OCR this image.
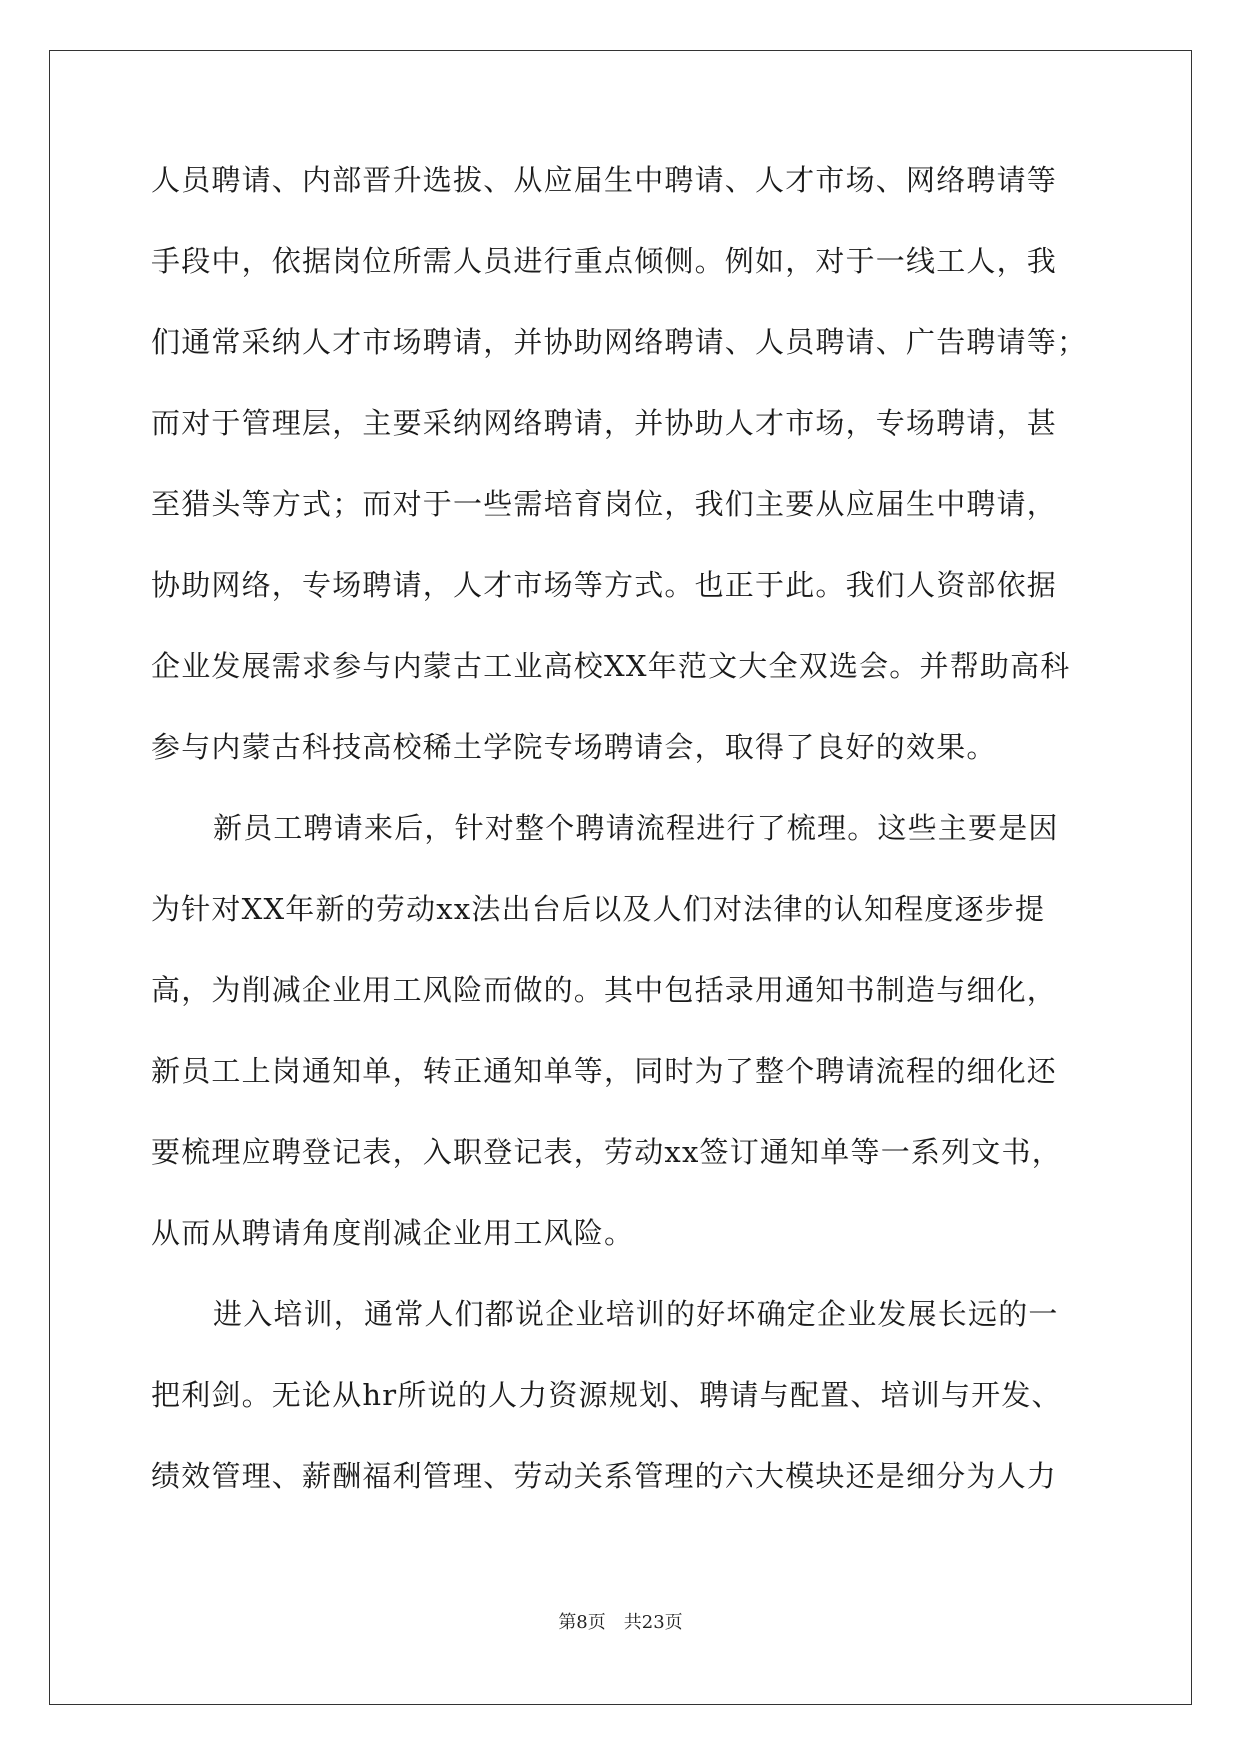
人员聘请、内部晋升选拔、从应届生中聘请、人才市场、网络聘请等
手段中，依据岗位所需人员进行重点倾侧。例如，对于一线工人，我
们通常采纳人才市场聘请，并协助网络聘请、人员聘请、广告聘请等；
而对于管理层，主要采纳网络聘请，并协助人才市场，专场聘请，甚
至猎头等方式；而对于一些需培育岗位，我们主要从应届生中聘请，
协助网络，专场聘请，人才市场等方式。也正于此。我们人资部依据
企业发展需求参与内蒙古工业高校XX年范文大全双选会。并帮助高科
参与内蒙古科技高校稀土学院专场聘请会，取得了良好的效果。
新员工聘请来后，针对整个聘请流程进行了梳理。这些主要是因
为针对XX年新的劳动xx法出台后以及人们对法律的认知程度逐步提
高，为削减企业用工风险而做的。其中包括录用通知书制造与细化，
新员工上岗通知单，转正通知单等，同时为了整个聘请流程的细化还
要梳理应聘登记表，入职登记表，劳动xx签订通知单等一系列文书，
从而从聘请角度削减企业用工风险。
进入培训，通常人们都说企业培训的好坏确定企业发展长远的一
把利剑。无论从hr所说的人力资源规划、聘请与配置、培训与开发、
绩效管理、薪酬福利管理、劳动关系管理的六大模块还是细分为人力
第8页 共23页
